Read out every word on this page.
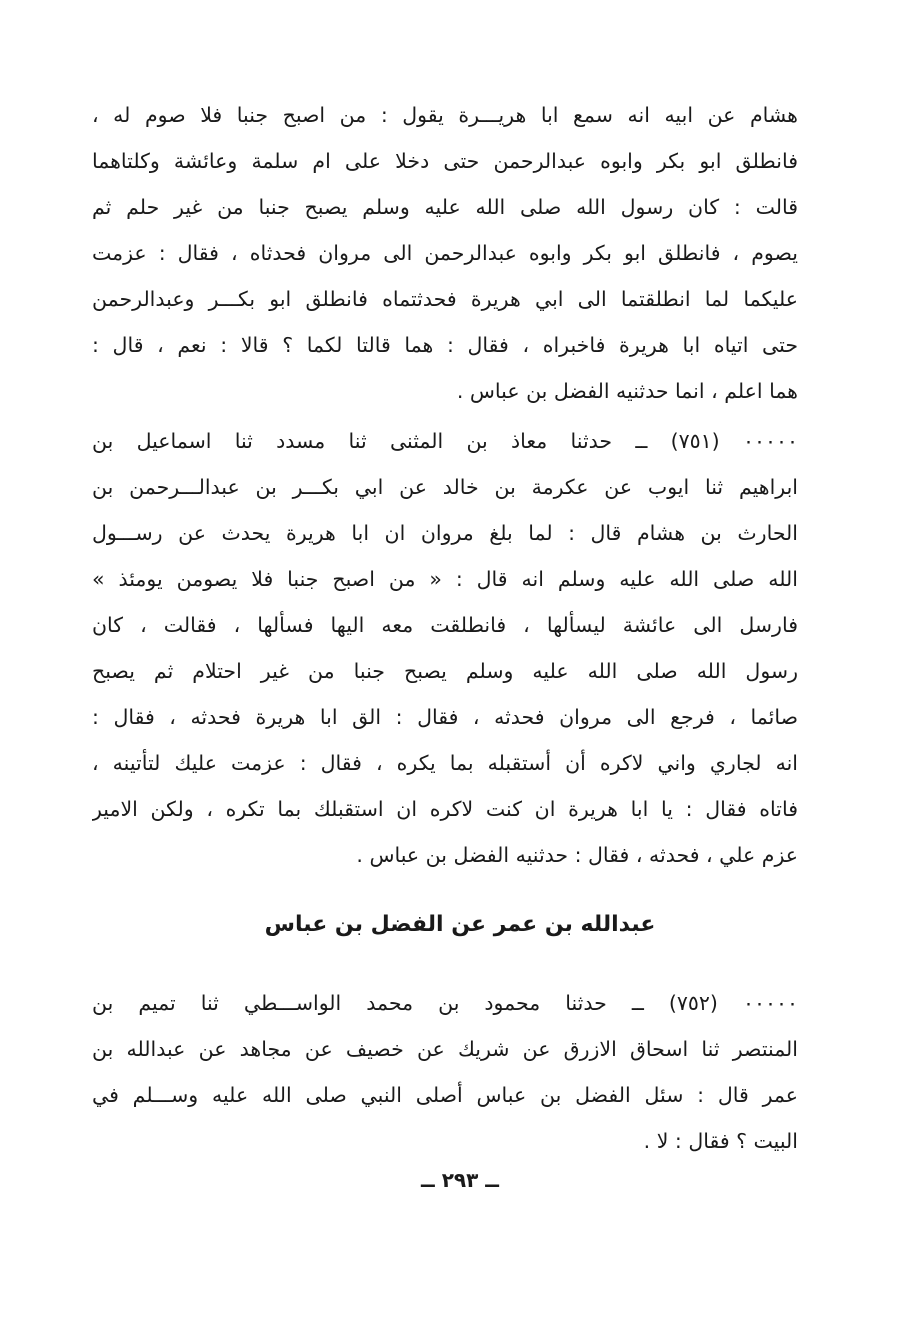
هشام عن ابيه انه سمع ابا هريـــرة يقول : من اصبح جنبا فلا صوم له ،
فانطلق ابو بكر وابوه عبدالرحمن حتى دخلا على ام سلمة وعائشة وكلتاهما
قالت : كان رسول الله صلى الله عليه وسلم يصبح جنبا من غير حلم ثم
يصوم ، فانطلق ابو بكر وابوه عبدالرحمن الى مروان فحدثاه ، فقال : عزمت
عليكما لما انطلقتما الى ابي هريرة فحدثتماه فانطلق ابو بكـــر وعبدالرحمن
حتى اتياه ابا هريرة فاخبراه ، فقال : هما قالتا لكما ؟ قالا : نعم ، قال :
هما اعلم ، انما حدثنيه الفضل بن عباس .
٠٠٠٠٠ (٧٥١) ــ حدثنا معاذ بن المثنى ثنا مسدد ثنا اسماعيل بن
ابراهيم ثنا ايوب عن عكرمة بن خالد عن ابي بكـــر بن عبدالـــرحمن بن
الحارث بن هشام قال : لما بلغ مروان ان ابا هريرة يحدث عن رســـول
الله صلى الله عليه وسلم انه قال : « من اصبح جنبا فلا يصومن يومئذ »
فارسل الى عائشة ليسألها ، فانطلقت معه اليها فسألها ، فقالت ، كان
رسول الله صلى الله عليه وسلم يصبح جنبا من غير احتلام ثم يصبح
صائما ، فرجع الى مروان فحدثه ، فقال : الق ابا هريرة فحدثه ، فقال :
انه لجاري واني لاكره أن أستقبله بما يكره ، فقال : عزمت عليك لتأتينه ،
فاتاه فقال : يا ابا هريرة ان كنت لاكره ان استقبلك بما تكره ، ولكن الامير
عزم علي ، فحدثه ، فقال : حدثنيه الفضل بن عباس .
عبدالله بن عمر عن الفضل بن عباس
٠٠٠٠٠ (٧٥٢) ــ حدثنا محمود بن محمد الواســـطي ثنا تميم بن
المنتصر ثنا اسحاق الازرق عن شريك عن خصيف عن مجاهد عن عبدالله بن
عمر قال : سئل الفضل بن عباس أصلى النبي صلى الله عليه وســـلم في
البيت ؟ فقال : لا .
ــ ٢٩٣ ــ
